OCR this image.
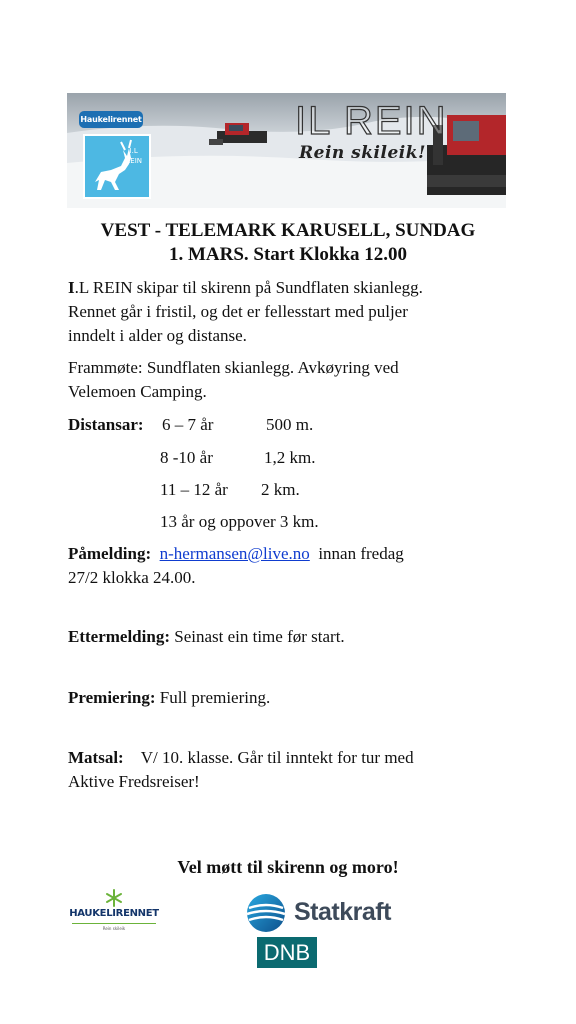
Haukelirennet
I.L
REIN
IL REIN
Rein skileik!
VEST - TELEMARK KARUSELL, SUNDAG
1. MARS. Start Klokka 12.00
I.L REIN skipar til skirenn på Sundflaten skianlegg.
Rennet går i fristil, og det er fellesstart med puljer
inndelt i alder og distanse.
Frammøte: Sundflaten skianlegg. Avkøyring ved
Velemoen Camping.
Distansar: 6 – 7 år	500 m.
8 -10 år	1,2 km.
11 – 12 år 2 km.
13 år og oppover 3 km.
Påmelding: n-hermansen@live.no innan fredag
27/2 klokka 24.00.
Ettermelding: Seinast ein time før start.
Premiering: Full premiering.
Matsal: V/ 10. klasse. Går til inntekt for tur med
Aktive Fredsreiser!
Vel møtt til skirenn og moro!
HAUKELIRENNET
Rein skileik
Statkraft
DNB
